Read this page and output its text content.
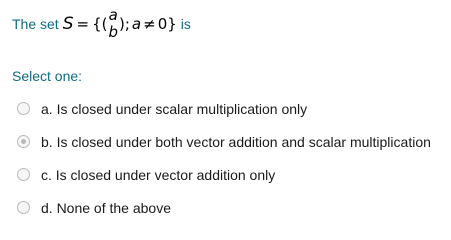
The set S = {( a
b ); a ≠ 0} is
Select one:
a. Is closed under scalar multiplication only
b. Is closed under both vector addition and scalar multiplication
c. Is closed under vector addition only
d. None of the above
